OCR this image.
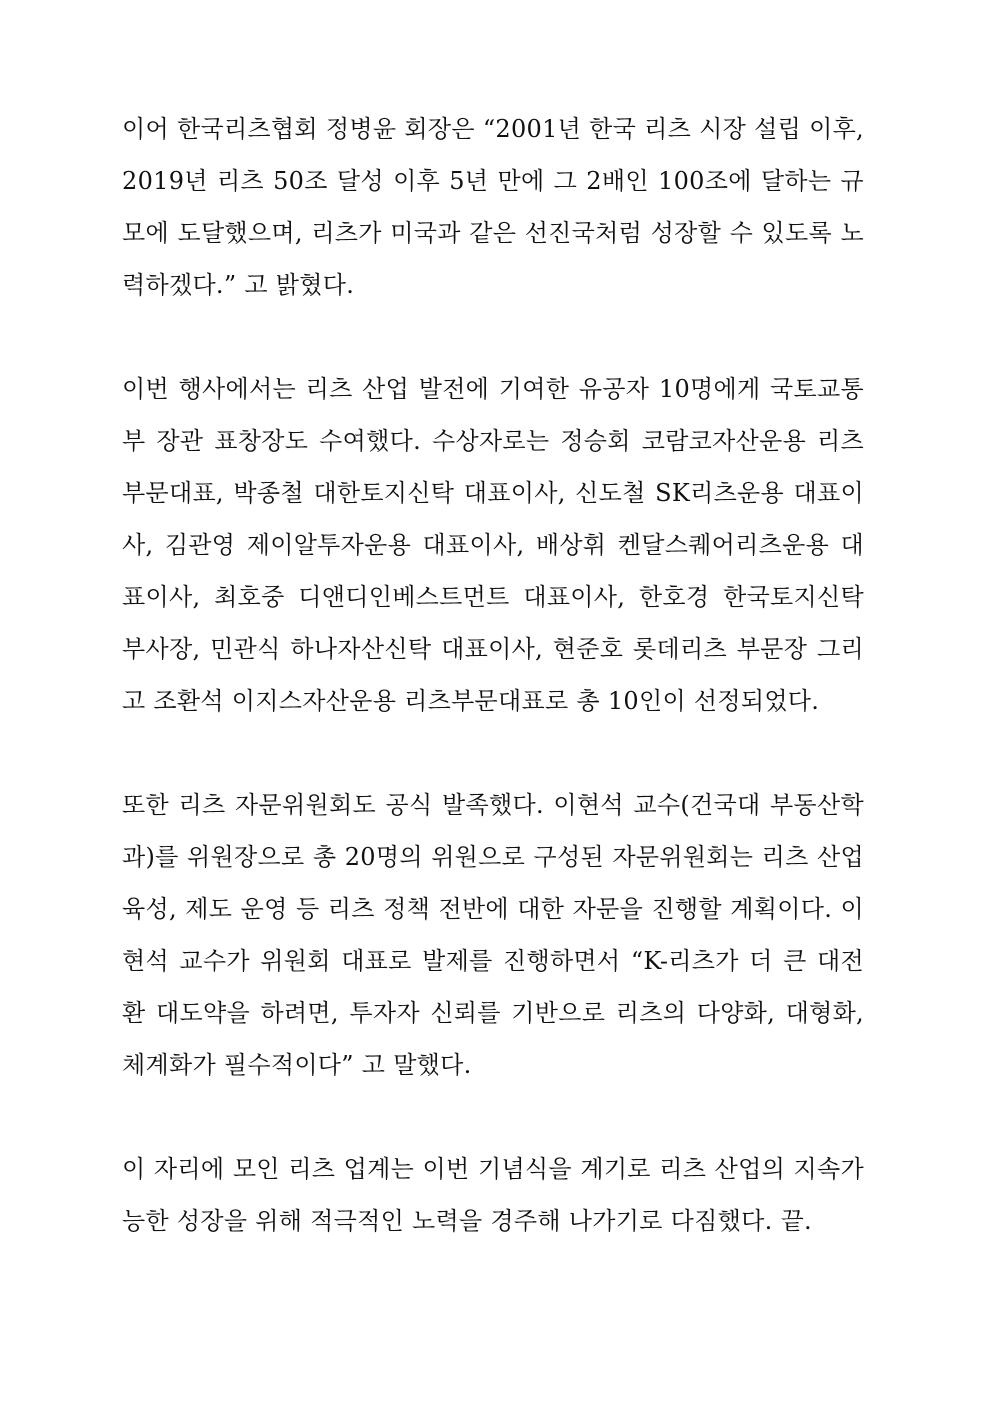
이어 한국리츠협회 정병윤 회장은 “2001년 한국 리츠 시장 설립 이후, 2019년 리츠 50조 달성 이후 5년 만에 그 2배인 100조에 달하는 규모에 도달했으며, 리츠가 미국과 같은 선진국처럼 성장할 수 있도록 노력하겠다.” 고 밝혔다.

이번 행사에서는 리츠 산업 발전에 기여한 유공자 10명에게 국토교통부 장관 표창장도 수여했다. 수상자로는 정승회 코람코자산운용 리츠부문대표, 박종철 대한토지신탁 대표이사, 신도철 SK리츠운용 대표이사, 김관영 제이알투자운용 대표이사, 배상휘 켄달스퀘어리츠운용 대표이사, 최호중 디앤디인베스트먼트 대표이사, 한호경 한국토지신탁 부사장, 민관식 하나자산신탁 대표이사, 현준호 롯데리츠 부문장 그리고 조환석 이지스자산운용 리츠부문대표로 총 10인이 선정되었다.

또한 리츠 자문위원회도 공식 발족했다. 이현석 교수(건국대 부동산학과)를 위원장으로 총 20명의 위원으로 구성된 자문위원회는 리츠 산업 육성, 제도 운영 등 리츠 정책 전반에 대한 자문을 진행할 계획이다. 이현석 교수가 위원회 대표로 발제를 진행하면서 “K-리츠가 더 큰 대전환 대도약을 하려면, 투자자 신뢰를 기반으로 리츠의 다양화, 대형화, 체계화가 필수적이다” 고 말했다.

이 자리에 모인 리츠 업계는 이번 기념식을 계기로 리츠 산업의 지속가능한 성장을 위해 적극적인 노력을 경주해 나가기로 다짐했다. 끝.
